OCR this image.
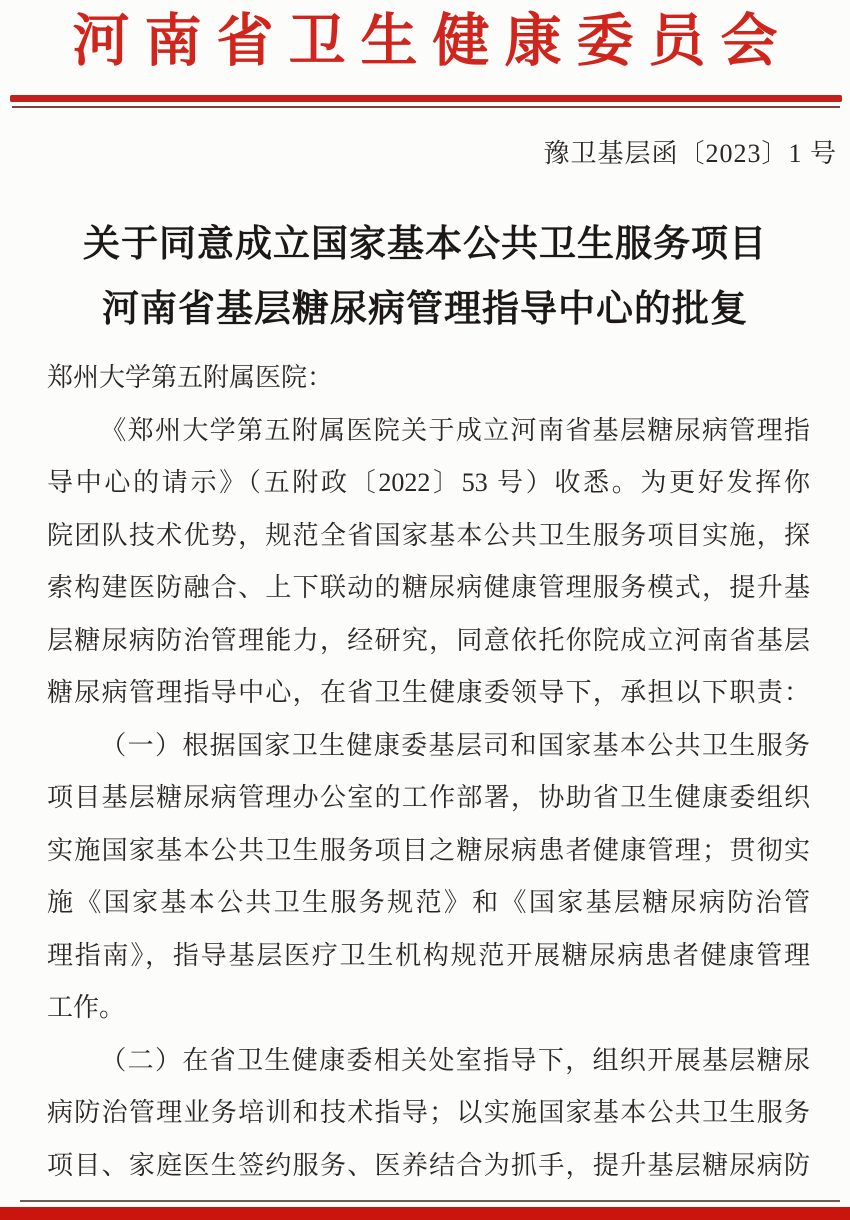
河南省卫生健康委员会
豫卫基层函〔2023〕1 号
关于同意成立国家基本公共卫生服务项目
河南省基层糖尿病管理指导中心的批复
郑州大学第五附属医院：
《郑州大学第五附属医院关于成立河南省基层糖尿病管理指
导中心的请示》（五附政〔2022〕53 号）收悉。为更好发挥你
院团队技术优势，规范全省国家基本公共卫生服务项目实施，探
索构建医防融合、上下联动的糖尿病健康管理服务模式，提升基
层糖尿病防治管理能力，经研究，同意依托你院成立河南省基层
糖尿病管理指导中心，在省卫生健康委领导下，承担以下职责：
（一）根据国家卫生健康委基层司和国家基本公共卫生服务
项目基层糖尿病管理办公室的工作部署，协助省卫生健康委组织
实施国家基本公共卫生服务项目之糖尿病患者健康管理；贯彻实
施《国家基本公共卫生服务规范》和《国家基层糖尿病防治管
理指南》，指导基层医疗卫生机构规范开展糖尿病患者健康管理
工作。
（二）在省卫生健康委相关处室指导下，组织开展基层糖尿
病防治管理业务培训和技术指导；以实施国家基本公共卫生服务
项目、家庭医生签约服务、医养结合为抓手，提升基层糖尿病防
